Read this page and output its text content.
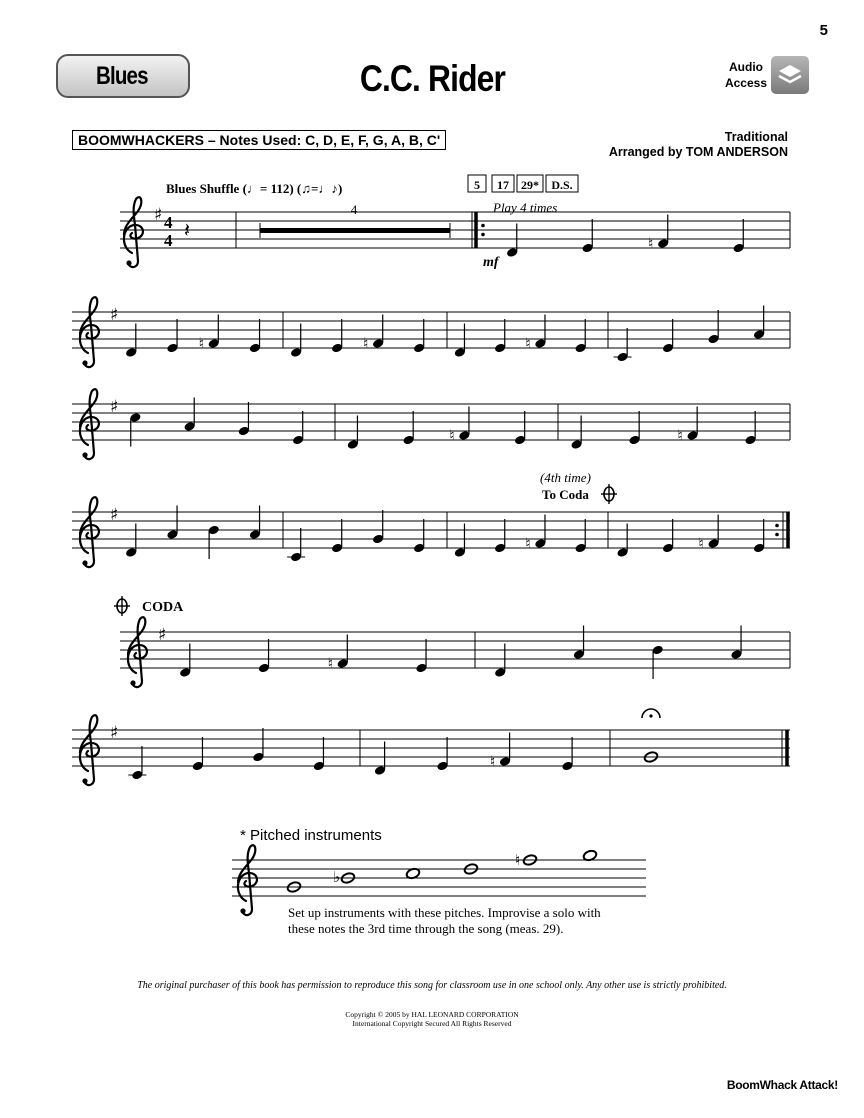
5
Blues	C.C. Rider	Audio
Access
BOOMWHACKERS – Notes Used: C, D, E, F, G, A, B, C'	Traditional
Arranged by TOM ANDERSON
♯ 4
4 𝄽
♮
♯
♮	♮	♮
♯
♮	♮
♯
♮	♮
♯
♮
♯
♮
♭
♮
Blues Shuffle (♩= 112) (♫=♩♪)
4
5 17 29* D.S.
Play 4 times
mf
(4th time)
To Coda
CODA
* Pitched instruments
Set up instruments with these pitches. Improvise a solo with these notes the 3rd time through the song (meas. 29).
The original purchaser of this book has permission to reproduce this song for classroom use in one school only. Any other use is strictly prohibited.
Copyright © 2005 by HAL LEONARD CORPORATION
International Copyright Secured All Rights Reserved
BoomWhack Attack!
